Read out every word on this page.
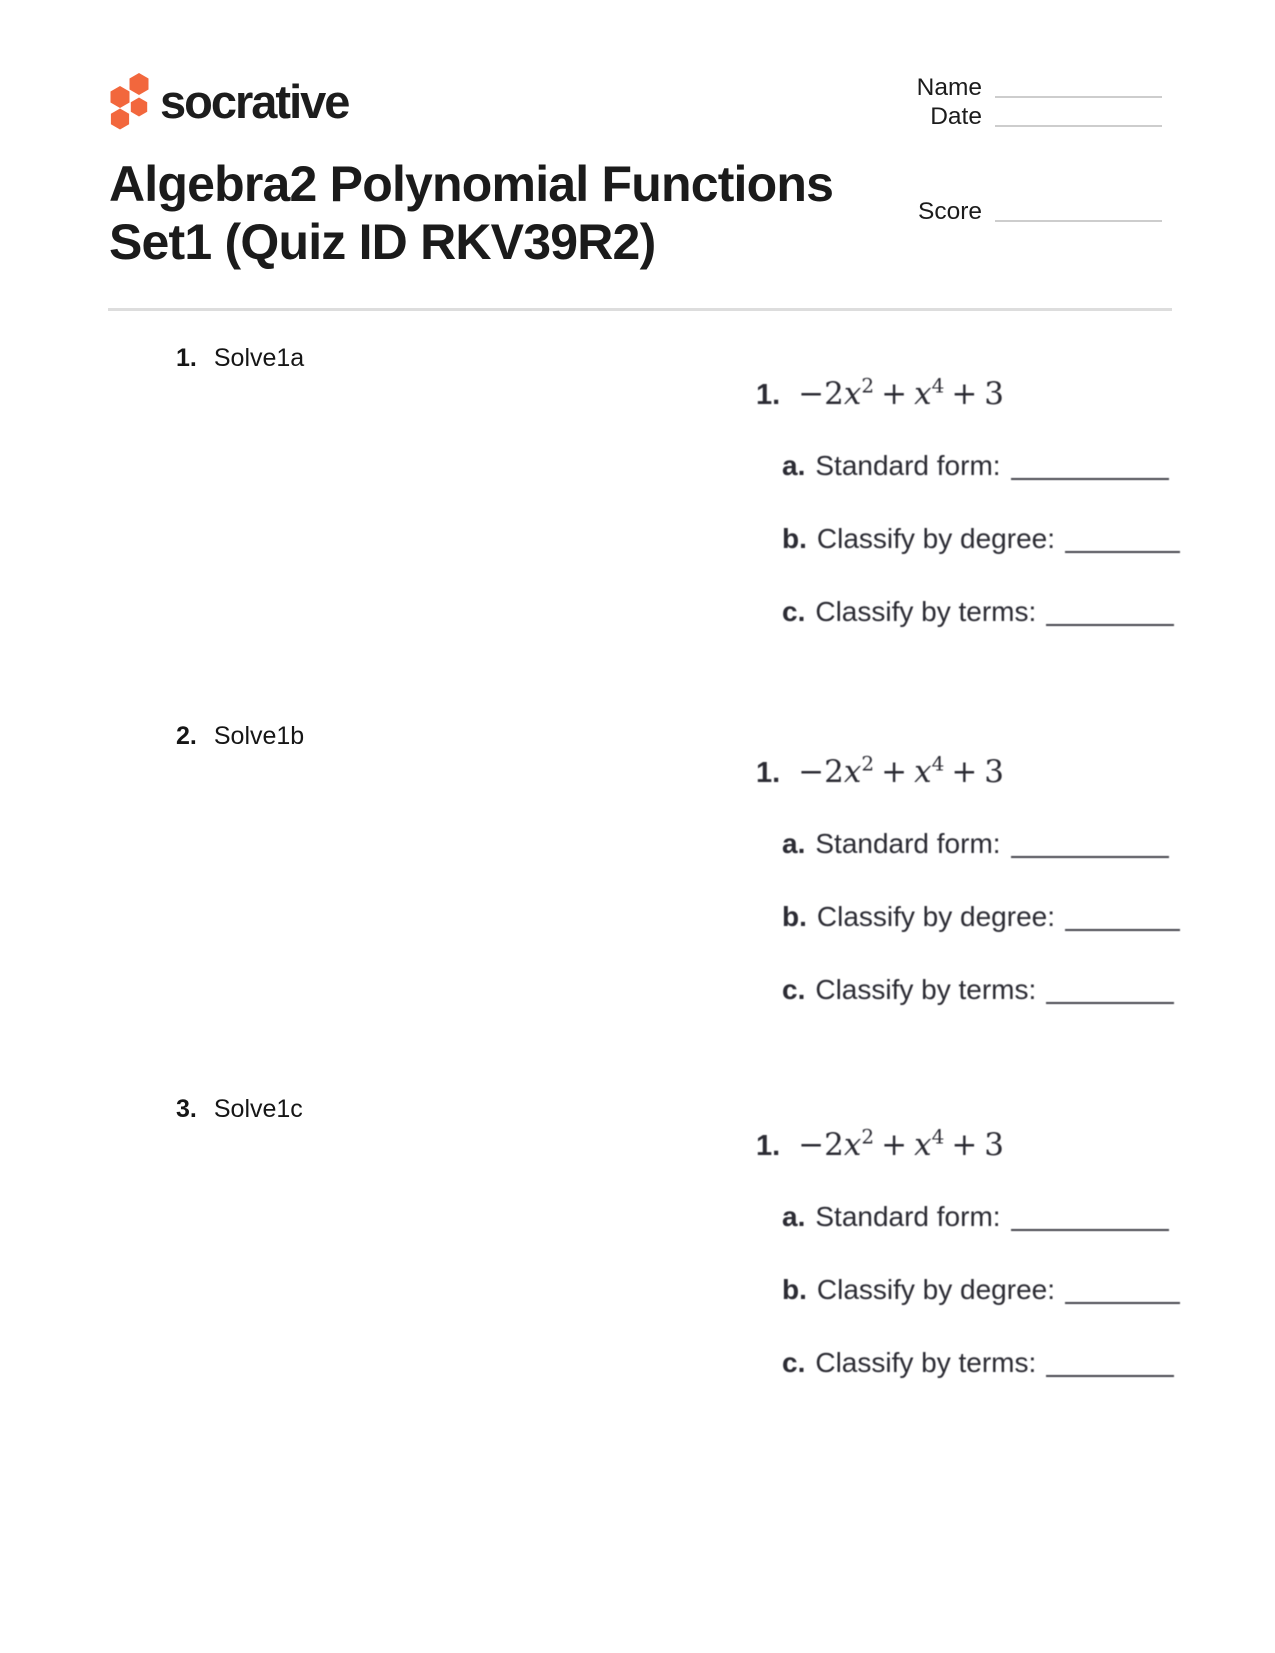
socrative	Name
Date
Score
Algebra2 Polynomial Functions
Set1 (Quiz ID RKV39R2)
1. Solve1a
1. $-2x^2 + x^4 + 3$
a. Standard form:
b. Classify by degree:
c. Classify by terms:
2. Solve1b
1. $-2x^2 + x^4 + 3$
a. Standard form:
b. Classify by degree:
c. Classify by terms:
3. Solve1c
1. $-2x^2 + x^4 + 3$
a. Standard form:
b. Classify by degree:
c. Classify by terms:
